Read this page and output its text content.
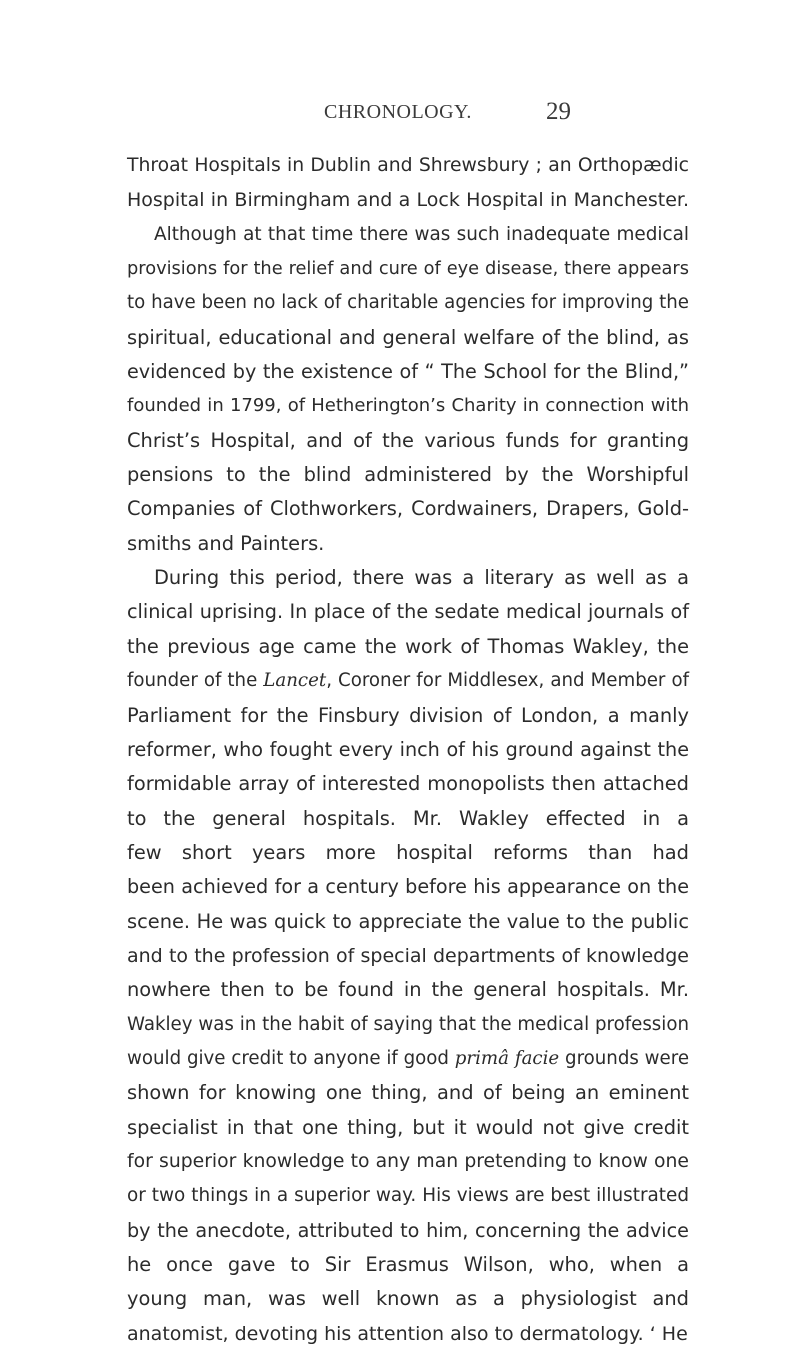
CHRONOLOGY.	29
Throat Hospitals in Dublin and Shrewsbury ; an Orthopædic
Hospital in Birmingham and a Lock Hospital in Manchester.
Although at that time there was such inadequate medical
provisions for the relief and cure of eye disease, there appears
to have been no lack of charitable agencies for improving the
spiritual, educational and general welfare of the blind, as
evidenced by the existence of “ The School for the Blind,”
founded in 1799, of Hetherington’s Charity in connection with
Christ’s Hospital, and of the various funds for granting
pensions to the blind administered by the Worshipful
Companies of Clothworkers, Cordwainers, Drapers, Gold-
smiths and Painters.
During this period, there was a literary as well as a
clinical uprising. In place of the sedate medical journals of
the previous age came the work of Thomas Wakley, the
founder of the Lancet, Coroner for Middlesex, and Member of
Parliament for the Finsbury division of London, a manly
reformer, who fought every inch of his ground against the
formidable array of interested monopolists then attached
to the general hospitals. Mr. Wakley effected in a
few short years more hospital reforms than had
been achieved for a century before his appearance on the
scene. He was quick to appreciate the value to the public
and to the profession of special departments of knowledge
nowhere then to be found in the general hospitals. Mr.
Wakley was in the habit of saying that the medical profession
would give credit to anyone if good primâ facie grounds were
shown for knowing one thing, and of being an eminent
specialist in that one thing, but it would not give credit
for superior knowledge to any man pretending to know one
or two things in a superior way. His views are best illustrated
by the anecdote, attributed to him, concerning the advice
he once gave to Sir Erasmus Wilson, who, when a
young man, was well known as a physiologist and
anatomist, devoting his attention also to dermatology. ‘ He
